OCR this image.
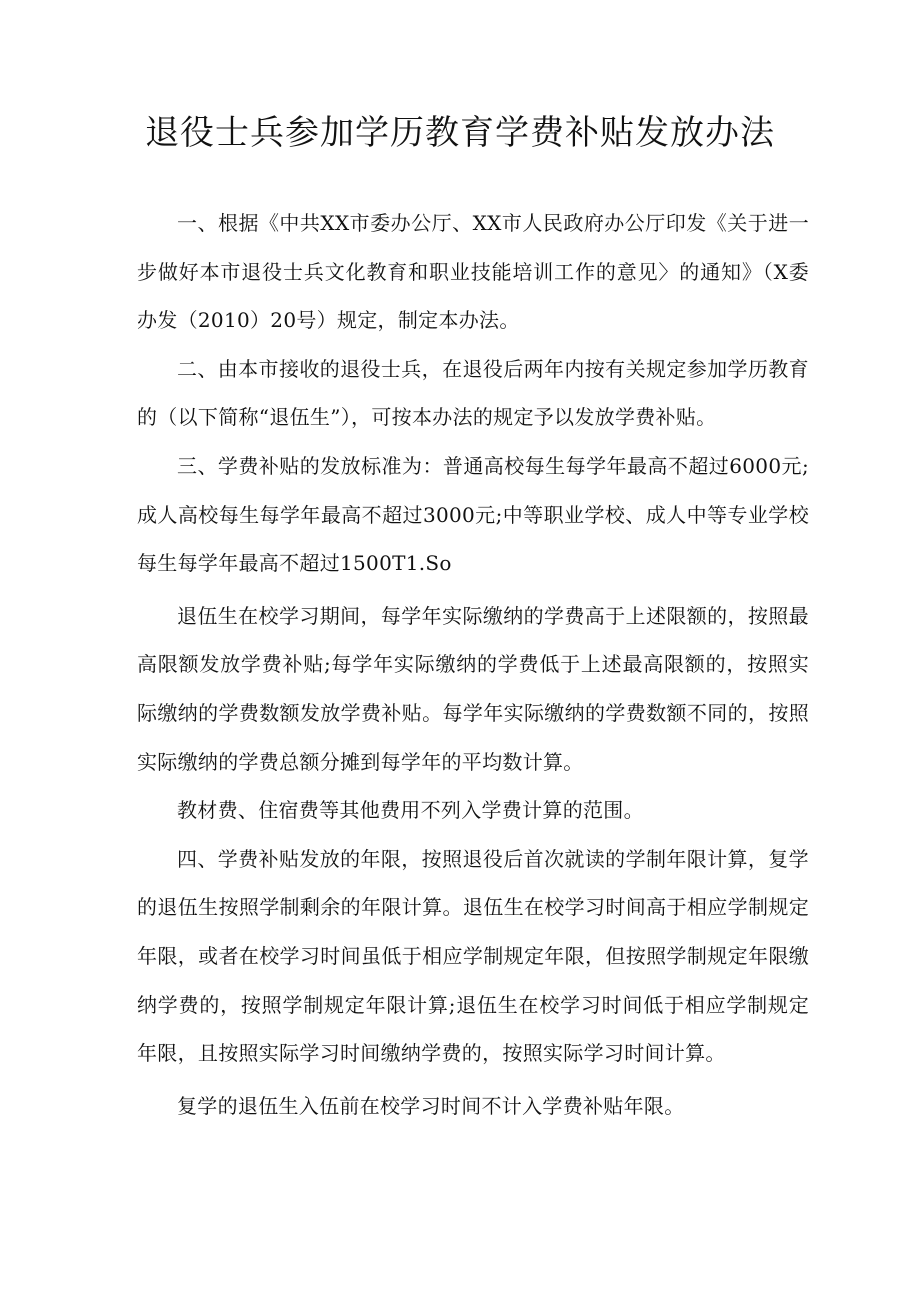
退役士兵参加学历教育学费补贴发放办法

一、根据《中共XX市委办公厅、XX市人民政府办公厅印发《关于进一步做好本市退役士兵文化教育和职业技能培训工作的意见〉的通知》（X委办发（2010）20号）规定，制定本办法。

二、由本市接收的退役士兵，在退役后两年内按有关规定参加学历教育的（以下简称“退伍生”），可按本办法的规定予以发放学费补贴。

三、学费补贴的发放标准为：普通高校每生每学年最高不超过6000元;成人高校每生每学年最高不超过3000元;中等职业学校、成人中等专业学校每生每学年最高不超过1500T1.So

退伍生在校学习期间，每学年实际缴纳的学费高于上述限额的，按照最高限额发放学费补贴;每学年实际缴纳的学费低于上述最高限额的，按照实际缴纳的学费数额发放学费补贴。每学年实际缴纳的学费数额不同的，按照实际缴纳的学费总额分摊到每学年的平均数计算。

教材费、住宿费等其他费用不列入学费计算的范围。

四、学费补贴发放的年限，按照退役后首次就读的学制年限计算，复学的退伍生按照学制剩余的年限计算。退伍生在校学习时间高于相应学制规定年限，或者在校学习时间虽低于相应学制规定年限，但按照学制规定年限缴纳学费的，按照学制规定年限计算;退伍生在校学习时间低于相应学制规定年限，且按照实际学习时间缴纳学费的，按照实际学习时间计算。

复学的退伍生入伍前在校学习时间不计入学费补贴年限。
